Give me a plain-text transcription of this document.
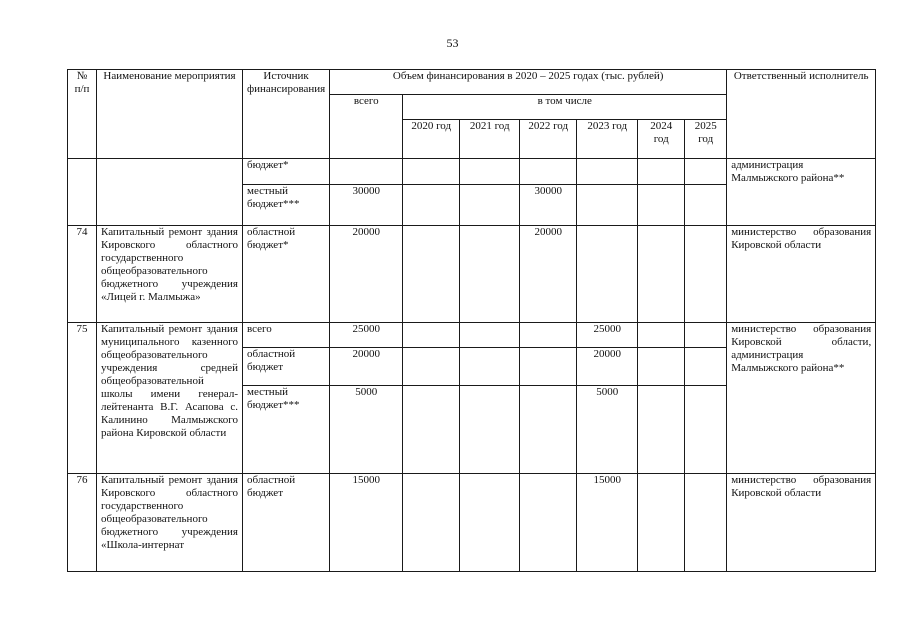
53
№ п/п	Наименование мероприятия	Источник финансирования	Объем финансирования в 2020 – 2025 годах (тыс. рублей)							Ответственный исполнитель
			всего	в том числе						
				2020 год	2021 год	2022 год	2023 год	2024 год	2025 год	
		бюджет*								администрация Малмыжского района**
		местный бюджет***	30000			30000				
74	Капитальный ремонт здания Кировского областного государственного общеобразовательного бюджетного учреждения «Лицей г. Малмыжа»	областной бюджет*	20000			20000				министерство образования Кировской области
75	Капитальный ремонт здания муниципального казенного общеобразовательного учреждения средней общеобразовательной школы имени генерал-лейтенанта В.Г. Асапова с. Калинино Малмыжского района Кировской области	всего	25000				25000			министерство образования Кировской области, администрация Малмыжского района**
		областной бюджет	20000				20000			
		местный бюджет***	5000				5000			
76	Капитальный ремонт здания Кировского областного государственного общеобразовательного бюджетного учреждения «Школа-интернат	областной бюджет	15000				15000			министерство образования Кировской области
